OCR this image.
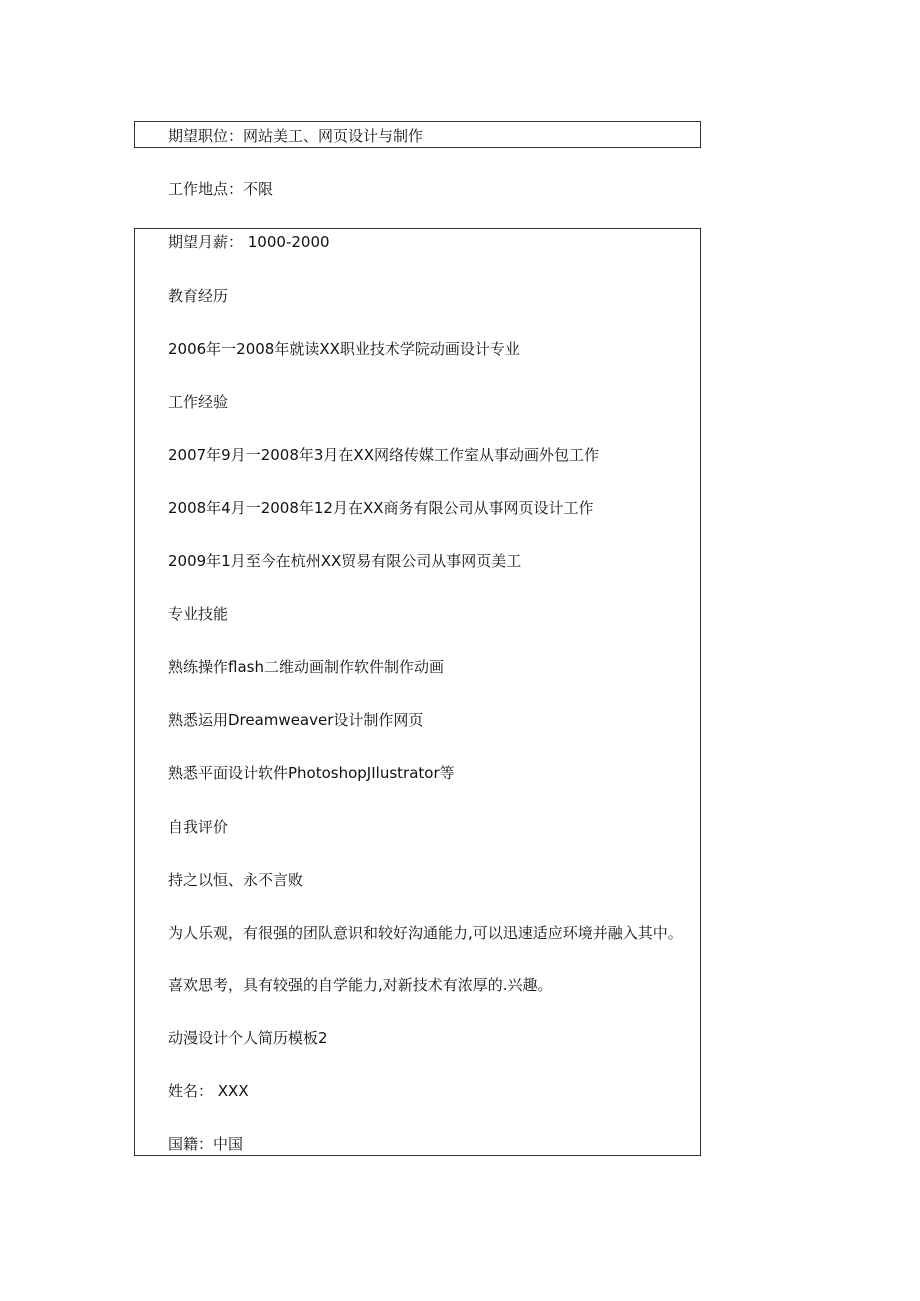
期望职位：网站美工、网页设计与制作
工作地点：不限
期望月薪： 1000-2000
教育经历
2006年一2008年就读XX职业技术学院动画设计专业
工作经验
2007年9月一2008年3月在XX网络传媒工作室从事动画外包工作
2008年4月一2008年12月在XX商务有限公司从事网页设计工作
2009年1月至今在杭州XX贸易有限公司从事网页美工
专业技能
熟练操作flash二维动画制作软件制作动画
熟悉运用Dreamweaver设计制作网页
熟悉平面设计软件PhotoshopJIlustrator等
自我评价
持之以恒、永不言败
为人乐观，有很强的团队意识和较好沟通能力,可以迅速适应环境并融入其中。
喜欢思考，具有较强的自学能力,对新技术有浓厚的.兴趣。
动漫设计个人简历模板2
姓名： XXX
国籍：中国
